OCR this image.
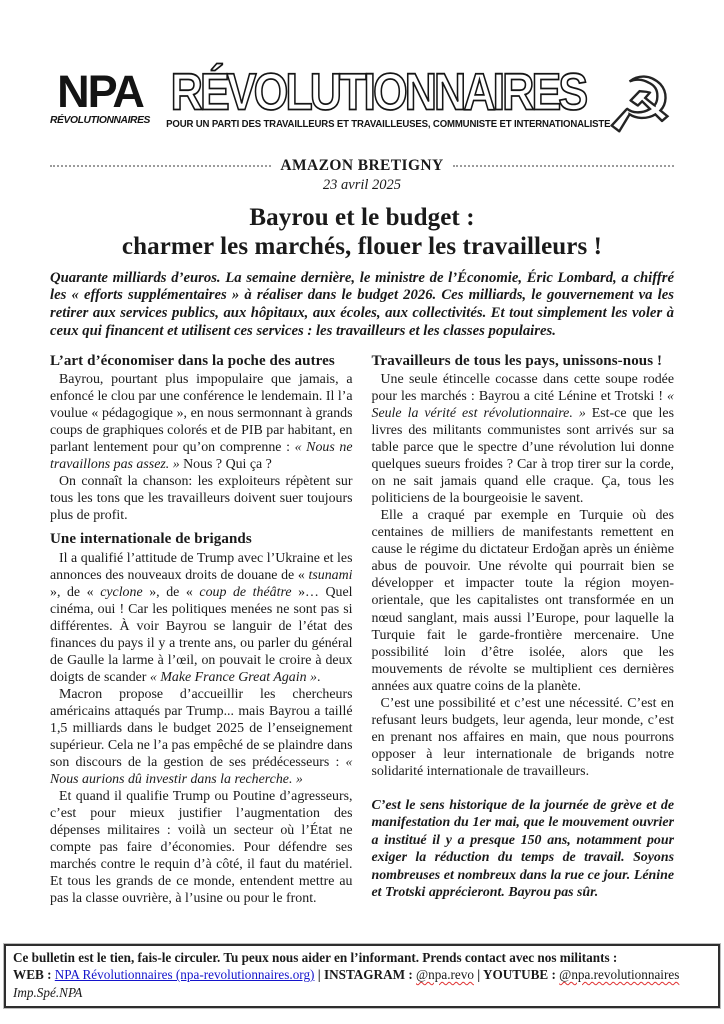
NPA
RÉVOLUTIONNAIRES RÉVOLUTIONNAIRES
POUR UN PARTI DES TRAVAILLEURS ET TRAVAILLEUSES, COMMUNISTE ET INTERNATIONALISTE
☭
AMAZON BRETIGNY
23 avril 2025
Bayrou et le budget :
charmer les marchés, flouer les travailleurs !

Quarante milliards d’euros. La semaine dernière, le ministre de l’Économie, Éric Lombard, a chiffré les « efforts supplémentaires » à réaliser dans le budget 2026. Ces milliards, le gouvernement va les retirer aux services publics, aux hôpitaux, aux écoles, aux collectivités. Et tout simplement les voler à ceux qui financent et utilisent ces services : les travailleurs et les classes populaires.

L’art d’économiser dans la poche des autres

Bayrou, pourtant plus impopulaire que jamais, a enfoncé le clou par une conférence le lendemain. Il l’a voulue « pédagogique », en nous sermonnant à grands coups de graphiques colorés et de PIB par habitant, en parlant lentement pour qu’on comprenne : « Nous ne travaillons pas assez. » Nous ? Qui ça ?

On connaît la chanson: les exploiteurs répètent sur tous les tons que les travailleurs doivent suer toujours plus de profit.

Une internationale de brigands

Il a qualifié l’attitude de Trump avec l’Ukraine et les annonces des nouveaux droits de douane de « tsunami », de « cyclone », de « coup de théâtre »… Quel cinéma, oui ! Car les politiques menées ne sont pas si différentes. À voir Bayrou se languir de l’état des finances du pays il y a trente ans, ou parler du général de Gaulle la larme à l’œil, on pouvait le croire à deux doigts de scander « Make France Great Again ».

Macron propose d’accueillir les chercheurs américains attaqués par Trump... mais Bayrou a taillé 1,5 milliards dans le budget 2025 de l’enseignement supérieur. Cela ne l’a pas empêché de se plaindre dans son discours de la gestion de ses prédécesseurs : « Nous aurions dû investir dans la recherche. »

Et quand il qualifie Trump ou Poutine d’agresseurs, c’est pour mieux justifier l’augmentation des dépenses militaires : voilà un secteur où l’État ne compte pas faire d’économies. Pour défendre ses marchés contre le requin d’à côté, il faut du matériel. Et tous les grands de ce monde, entendent mettre au pas la classe ouvrière, à l’usine ou pour le front.

Travailleurs de tous les pays, unissons-nous !

Une seule étincelle cocasse dans cette soupe rodée pour les marchés : Bayrou a cité Lénine et Trotski ! « Seule la vérité est révolutionnaire. » Est-ce que les livres des militants communistes sont arrivés sur sa table parce que le spectre d’une révolution lui donne quelques sueurs froides ? Car à trop tirer sur la corde, on ne sait jamais quand elle craque. Ça, tous les politiciens de la bourgeoisie le savent.

Elle a craqué par exemple en Turquie où des centaines de milliers de manifestants remettent en cause le régime du dictateur Erdoğan après un énième abus de pouvoir. Une révolte qui pourrait bien se développer et impacter toute la région moyen-orientale, que les capitalistes ont transformée en un nœud sanglant, mais aussi l’Europe, pour laquelle la Turquie fait le garde-frontière mercenaire. Une possibilité loin d’être isolée, alors que les mouvements de révolte se multiplient ces dernières années aux quatre coins de la planète.

C’est une possibilité et c’est une nécessité. C’est en refusant leurs budgets, leur agenda, leur monde, c’est en prenant nos affaires en main, que nous pourrons opposer à leur internationale de brigands notre solidarité internationale de travailleurs.

C’est le sens historique de la journée de grève et de manifestation du 1er mai, que le mouvement ouvrier a institué il y a presque 150 ans, notamment pour exiger la réduction du temps de travail. Soyons nombreuses et nombreux dans la rue ce jour. Lénine et Trotski apprécieront. Bayrou pas sûr.

Ce bulletin est le tien, fais-le circuler. Tu peux nous aider en l’informant. Prends contact avec nos militants :
WEB : NPA Révolutionnaires (npa-revolutionnaires.org) | INSTAGRAM : @npa.revo | YOUTUBE : @npa.revolutionnaires Imp.Spé.NPA
